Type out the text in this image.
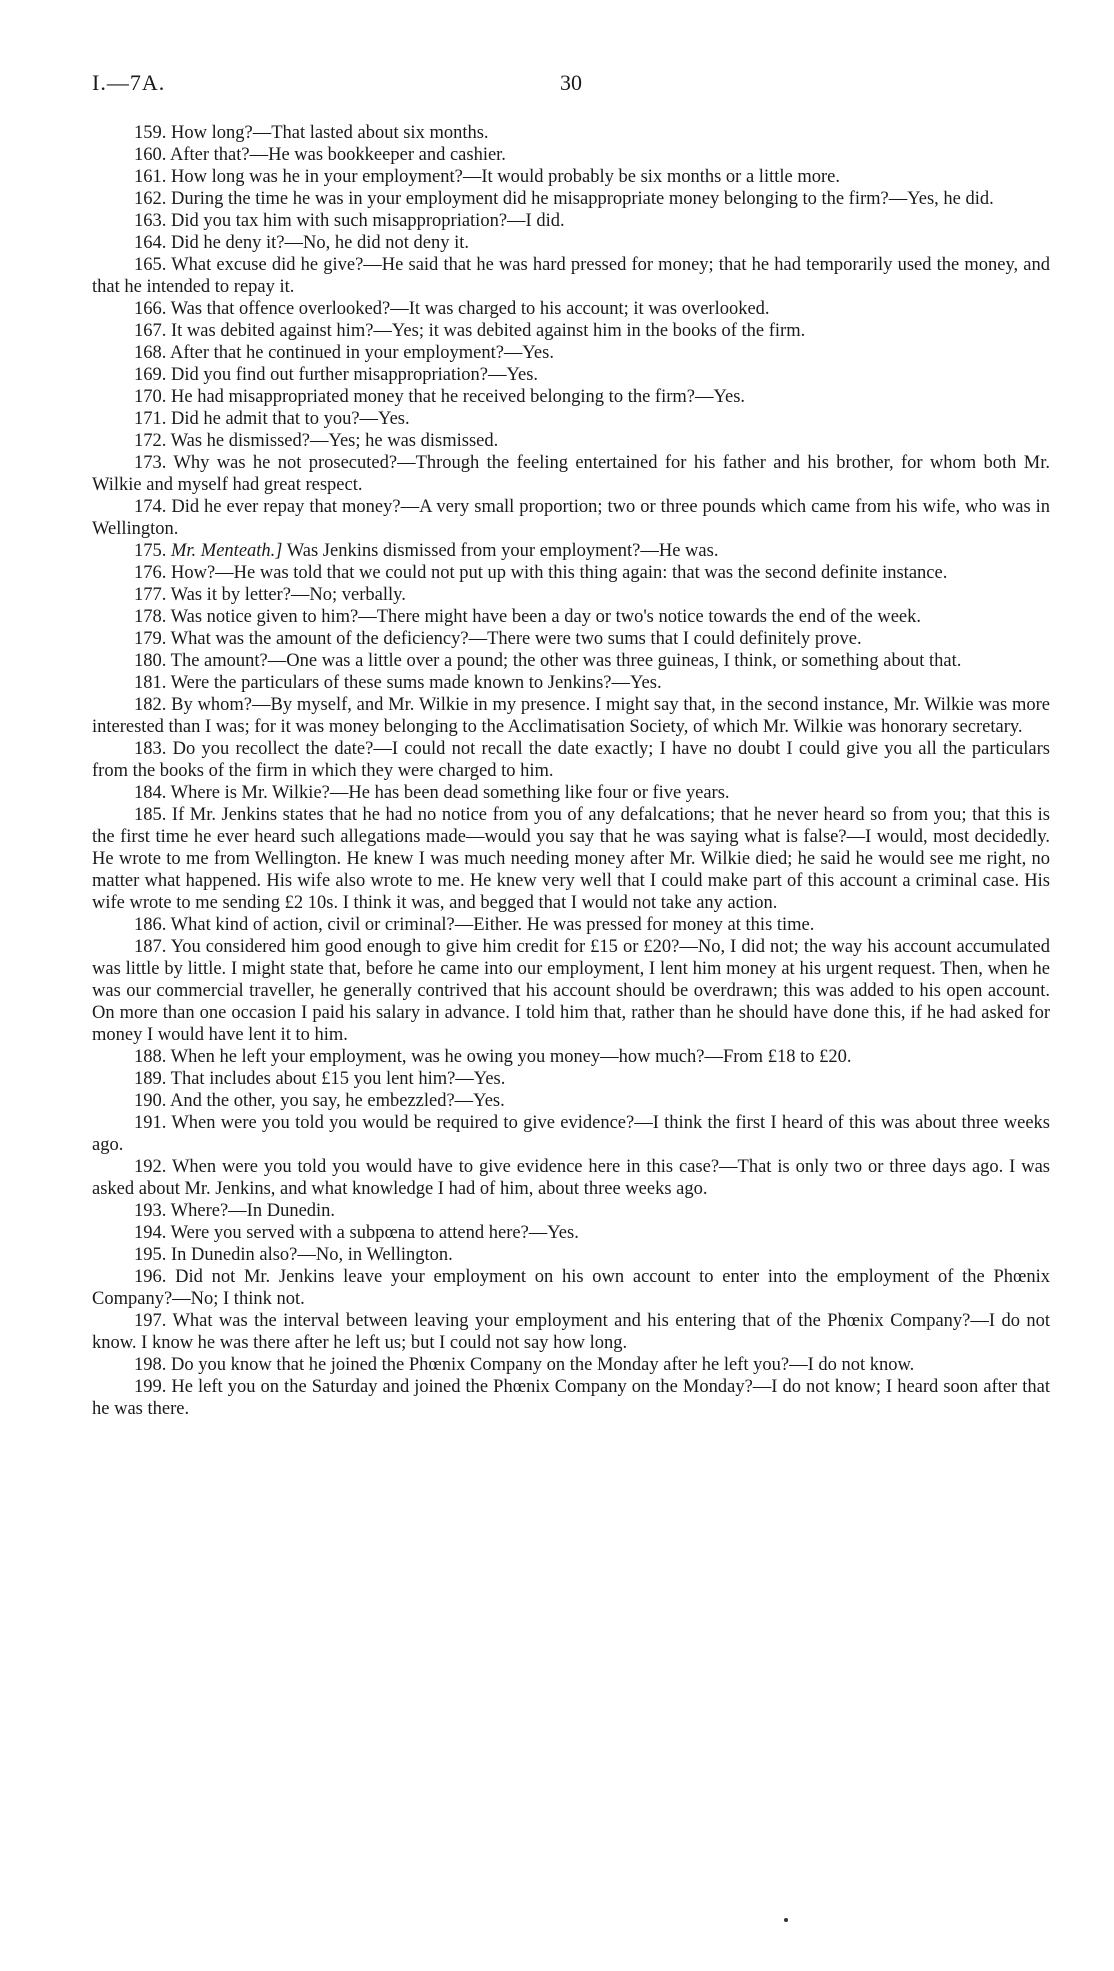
I.—7A.	30

159. How long?—That lasted about six months.

160. After that?—He was bookkeeper and cashier.

161. How long was he in your employment?—It would probably be six months or a little more.

162. During the time he was in your employment did he misappropriate money belonging to the firm?—Yes, he did.

163. Did you tax him with such misappropriation?—I did.

164. Did he deny it?—No, he did not deny it.

165. What excuse did he give?—He said that he was hard pressed for money; that he had temporarily used the money, and that he intended to repay it.

166. Was that offence overlooked?—It was charged to his account; it was overlooked.

167. It was debited against him?—Yes; it was debited against him in the books of the firm.

168. After that he continued in your employment?—Yes.

169. Did you find out further misappropriation?—Yes.

170. He had misappropriated money that he received belonging to the firm?—Yes.

171. Did he admit that to you?—Yes.

172. Was he dismissed?—Yes; he was dismissed.

173. Why was he not prosecuted?—Through the feeling entertained for his father and his brother, for whom both Mr. Wilkie and myself had great respect.

174. Did he ever repay that money?—A very small proportion; two or three pounds which came from his wife, who was in Wellington.

175. Mr. Menteath.] Was Jenkins dismissed from your employment?—He was.

176. How?—He was told that we could not put up with this thing again: that was the second definite instance.

177. Was it by letter?—No; verbally.

178. Was notice given to him?—There might have been a day or two's notice towards the end of the week.

179. What was the amount of the deficiency?—There were two sums that I could definitely prove.

180. The amount?—One was a little over a pound; the other was three guineas, I think, or something about that.

181. Were the particulars of these sums made known to Jenkins?—Yes.

182. By whom?—By myself, and Mr. Wilkie in my presence. I might say that, in the second instance, Mr. Wilkie was more interested than I was; for it was money belonging to the Acclimatisation Society, of which Mr. Wilkie was honorary secretary.

183. Do you recollect the date?—I could not recall the date exactly; I have no doubt I could give you all the particulars from the books of the firm in which they were charged to him.

184. Where is Mr. Wilkie?—He has been dead something like four or five years.

185. If Mr. Jenkins states that he had no notice from you of any defalcations; that he never heard so from you; that this is the first time he ever heard such allegations made—would you say that he was saying what is false?—I would, most decidedly. He wrote to me from Wellington. He knew I was much needing money after Mr. Wilkie died; he said he would see me right, no matter what happened. His wife also wrote to me. He knew very well that I could make part of this account a criminal case. His wife wrote to me sending £2 10s. I think it was, and begged that I would not take any action.

186. What kind of action, civil or criminal?—Either. He was pressed for money at this time.

187. You considered him good enough to give him credit for £15 or £20?—No, I did not; the way his account accumulated was little by little. I might state that, before he came into our employment, I lent him money at his urgent request. Then, when he was our commercial traveller, he generally contrived that his account should be overdrawn; this was added to his open account. On more than one occasion I paid his salary in advance. I told him that, rather than he should have done this, if he had asked for money I would have lent it to him.

188. When he left your employment, was he owing you money—how much?—From £18 to £20.

189. That includes about £15 you lent him?—Yes.

190. And the other, you say, he embezzled?—Yes.

191. When were you told you would be required to give evidence?—I think the first I heard of this was about three weeks ago.

192. When were you told you would have to give evidence here in this case?—That is only two or three days ago. I was asked about Mr. Jenkins, and what knowledge I had of him, about three weeks ago.

193. Where?—In Dunedin.

194. Were you served with a subpœna to attend here?—Yes.

195. In Dunedin also?—No, in Wellington.

196. Did not Mr. Jenkins leave your employment on his own account to enter into the employment of the Phœnix Company?—No; I think not.

197. What was the interval between leaving your employment and his entering that of the Phœnix Company?—I do not know. I know he was there after he left us; but I could not say how long.

198. Do you know that he joined the Phœnix Company on the Monday after he left you?—I do not know.

199. He left you on the Saturday and joined the Phœnix Company on the Monday?—I do not know; I heard soon after that he was there.
